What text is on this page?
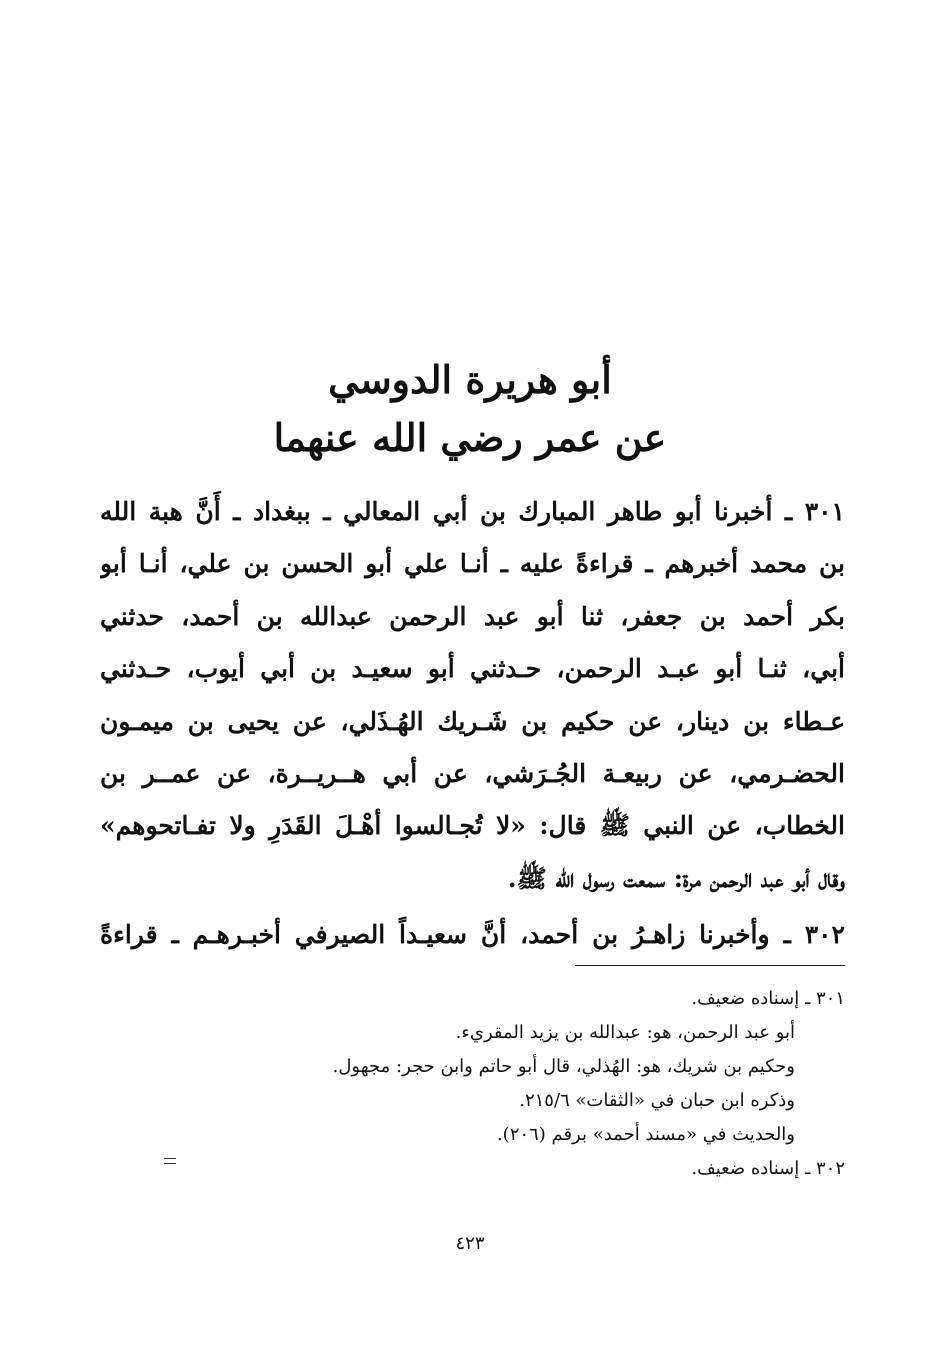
أبو هريرة الدوسي
عن عمر رضي الله عنهما
٣٠١ ـ أخبرنا أبو طاهر المبارك بن أبي المعالي ـ ببغداد ـ أَنَّ هبة الله
بن محمد أخبرهم ـ قراءةً عليه ـ أنـا علي أبو الحسن بن علي، أنـا أبو
بكر أحمد بن جعفر، ثنا أبو عبد الرحمن عبدالله بن أحمد، حدثني
أبي، ثنـا أبو عبـد الرحمن، حـدثني أبو سعيـد بن أبي أيوب، حـدثني
عـطاء بن دينار، عن حكيم بن شَـريك الهُـذَلي، عن يحيى بن ميمـون
الحضـرمي، عن ربيعـة الجُـرَشي، عن أبي هــريــرة، عن عمــر بن
الخطاب، عن النبي ﷺ قال: «لا تُجـالسوا أهْـلَ القَدَرِ ولا تفـاتحوهم»
وقال أبو عبد الرحمن مرة: سمعت رسول الله ﷺ.
٣٠٢ ـ وأخبرنا زاهـرُ بن أحمد، أنَّ سعيـداً الصيرفي أخبـرهـم ـ قراءةً
٣٠١ ـ إسناده ضعيف.
أبو عبد الرحمن، هو: عبدالله بن يزيد المقريء.
وحكيم بن شريك، هو: الهُذلي، قال أبو حاتم وابن حجر: مجهول.
وذكره ابن حبان في «الثقات» ٢١٥/٦.
والحديث في «مسند أحمد» برقم (٢٠٦).
٣٠٢ ـ إسناده ضعيف.
٤٢٣
